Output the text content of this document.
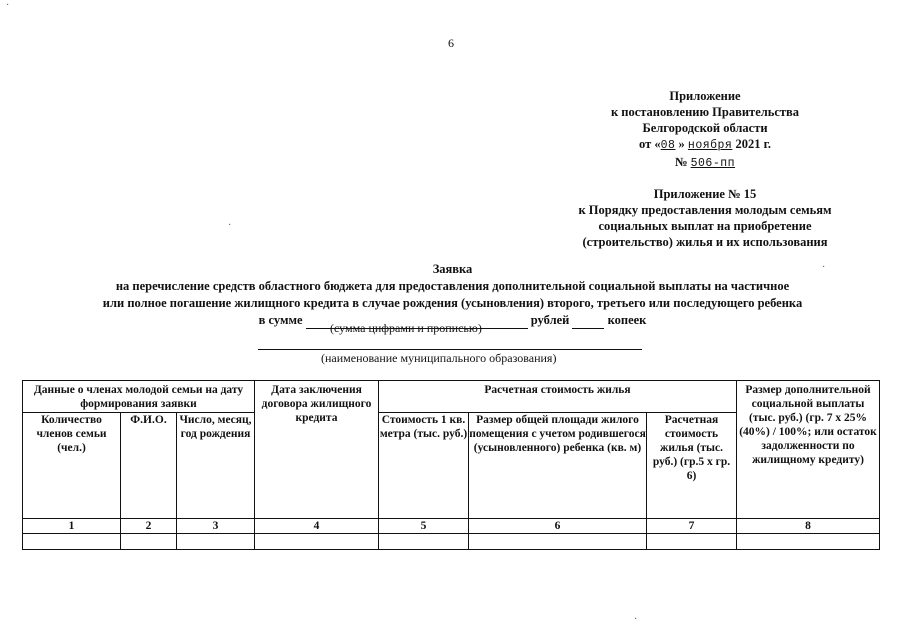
6
Приложение
к постановлению Правительства
Белгородской области
от «08 » ноября 2021 г.
№ 506-пп
Приложение № 15
к Порядку предоставления молодым семьям
социальных выплат на приобретение
(строительство) жилья и их использования
Заявка
на перечисление средств областного бюджета для предоставления дополнительной социальной выплаты на частичное
или полное погашение жилищного кредита в случае рождения (усыновления) второго, третьего или последующего ребенка
в сумме	рублей	копеек
(сумма цифрами и прописью)
(наименование муниципального образования)
Данные о членах молодой семьи на дату формирования заявки			Дата заключения договора жилищного кредита	Расчетная стоимость жилья			Размер дополнительной социальной выплаты (тыс. руб.) (гр. 7 х 25% (40%) / 100%; или остаток задолженности по жилищному кредиту)
Количество членов семьи (чел.)	Ф.И.О.	Число, месяц, год рождения		Стоимость 1 кв. метра (тыс. руб.)	Размер общей площади жилого помещения с учетом родившегося (усыновленного) ребенка (кв. м)	Расчетная стоимость жилья (тыс. руб.) (гр.5 х гр. 6)	
1	2	3	4	5	6	7	8

·
·
·
·
